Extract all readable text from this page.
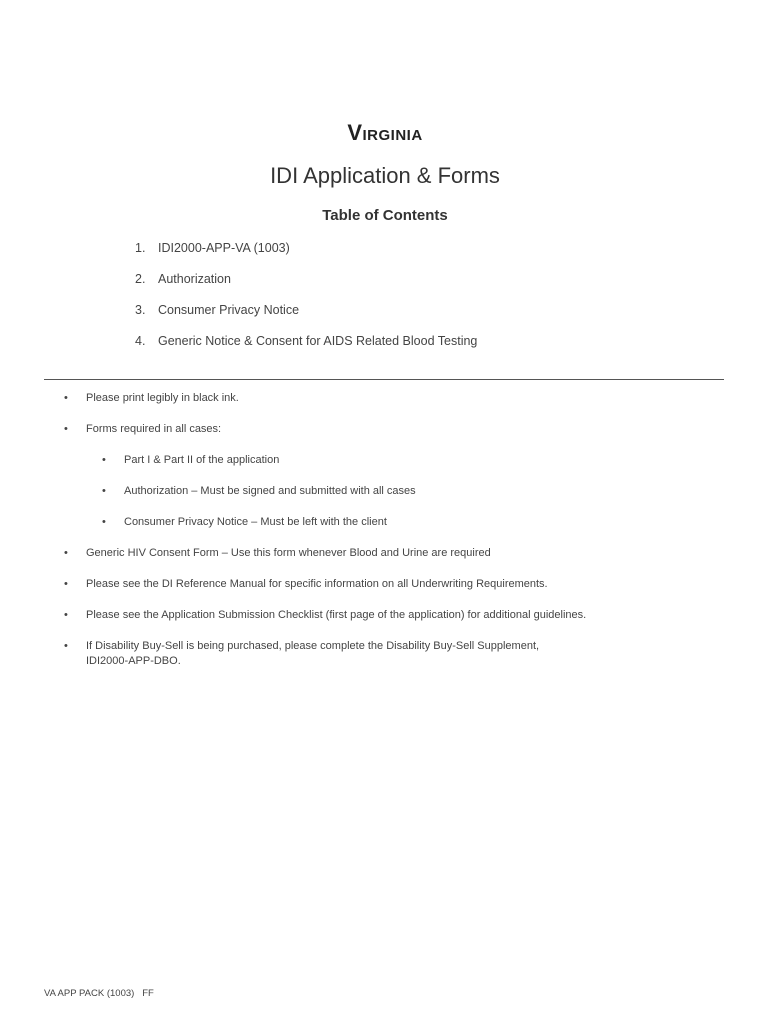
Virginia
IDI Application & Forms
Table of Contents
1. IDI2000-APP-VA (1003)
2. Authorization
3. Consumer Privacy Notice
4. Generic Notice & Consent for AIDS Related Blood Testing
• Please print legibly in black ink.
• Forms required in all cases:
• Part I & Part II of the application
• Authorization – Must be signed and submitted with all cases
• Consumer Privacy Notice – Must be left with the client
• Generic HIV Consent Form – Use this form whenever Blood and Urine are required
• Please see the DI Reference Manual for specific information on all Underwriting Requirements.
• Please see the Application Submission Checklist (first page of the application) for additional guidelines.
• If Disability Buy-Sell is being purchased, please complete the Disability Buy-Sell Supplement,
IDI2000-APP-DBO.
VA APP PACK (1003)   FF
